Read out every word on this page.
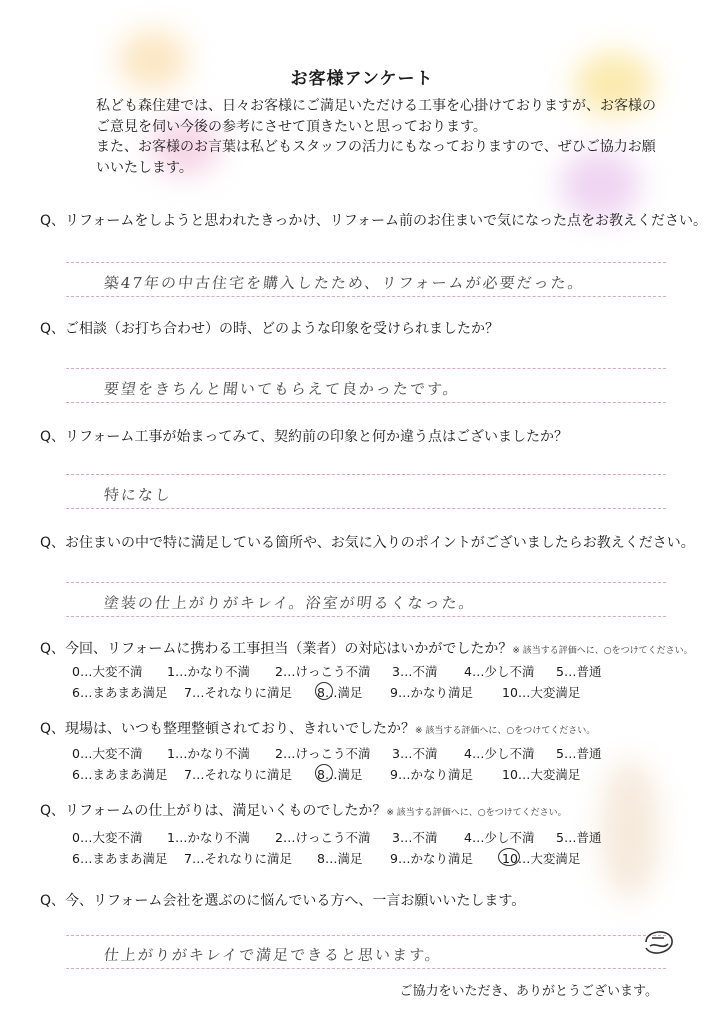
お客様アンケート
私ども森住建では、日々お客様にご満足いただける工事を心掛けておりますが、お客様の
ご意見を伺い今後の参考にさせて頂きたいと思っております。
また、お客様のお言葉は私どもスタッフの活力にもなっておりますので、ぜひご協力お願
いいたします。
Q、リフォームをしようと思われたきっかけ、リフォーム前のお住まいで気になった点をお教えください。
築47年の中古住宅を購入したため、リフォームが必要だった。
Q、ご相談（お打ち合わせ）の時、どのような印象を受けられましたか？
要望をきちんと聞いてもらえて良かったです。
Q、リフォーム工事が始まってみて、契約前の印象と何か違う点はございましたか？
特になし
Q、お住まいの中で特に満足している箇所や、お気に入りのポイントがございましたらお教えください。
塗装の仕上がりがキレイ。浴室が明るくなった。
Q、今回、リフォームに携わる工事担当（業者）の対応はいかがでしたか？※ 該当する評価へに、○をつけてください。
0…大変不満 1…かなり不満 2…けっこう不満 3…不満 4…少し不満 5…普通
6…まあまあ満足 7…それなりに満足 8…満足 9…かなり満足 10…大変満足
Q、現場は、いつも整理整頓されており、きれいでしたか？※ 該当する評価へに、○をつけてください。
0…大変不満 1…かなり不満 2…けっこう不満 3…不満 4…少し不満 5…普通
6…まあまあ満足 7…それなりに満足 8…満足 9…かなり満足 10…大変満足
Q、リフォームの仕上がりは、満足いくものでしたか？※ 該当する評価へに、○をつけてください。
0…大変不満 1…かなり不満 2…けっこう不満 3…不満 4…少し不満 5…普通
6…まあまあ満足 7…それなりに満足 8…満足 9…かなり満足 10…大変満足
Q、今、リフォーム会社を選ぶのに悩んでいる方へ、一言お願いいたします。
仕上がりがキレイで満足できると思います。
ご協力をいただき、ありがとうございます。
